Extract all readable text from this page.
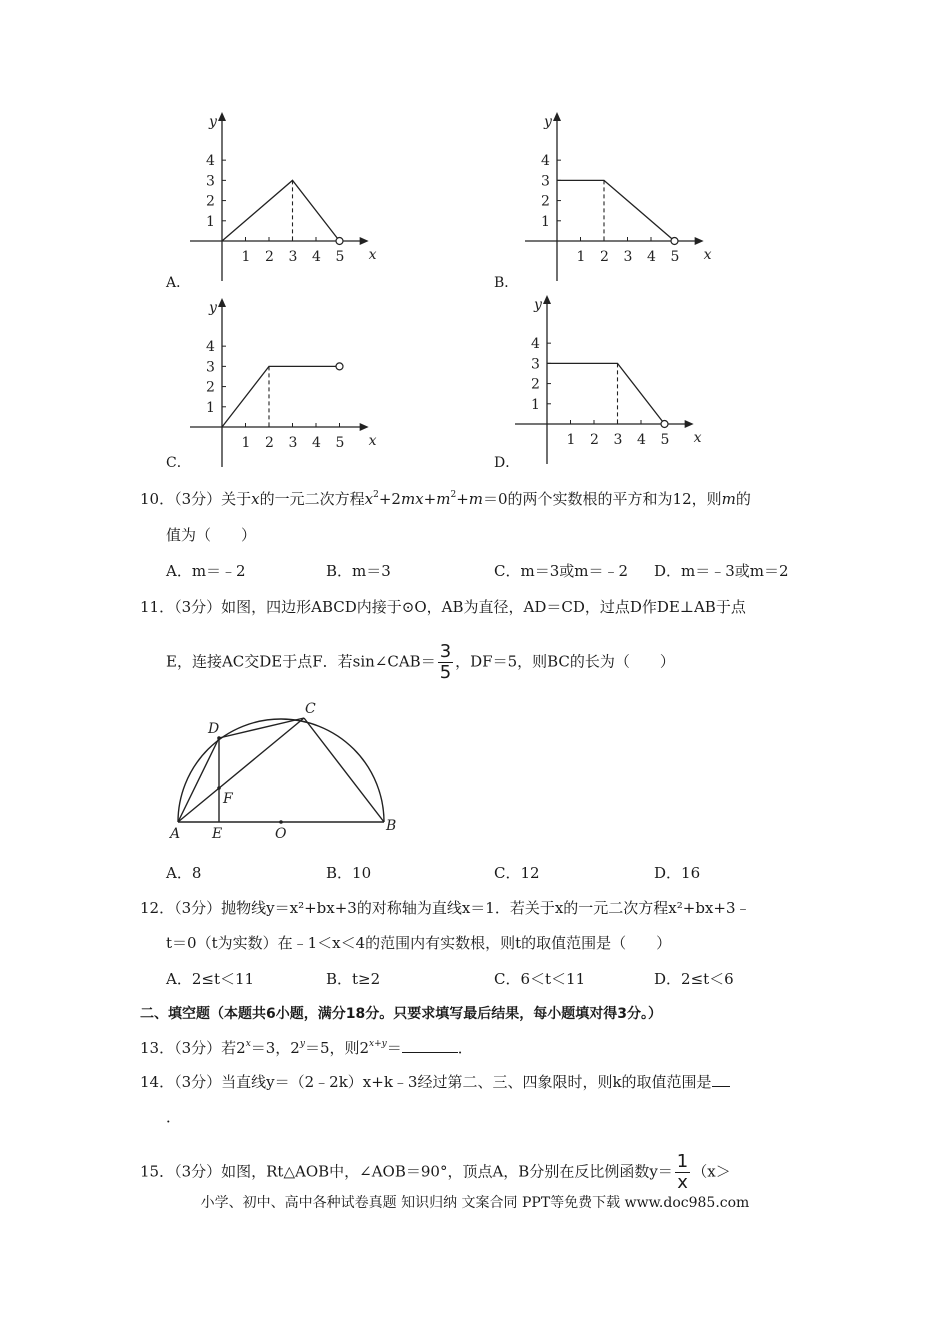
y
x
1
2
3
4
1 2 3 4 5
A．
y
x
1
2
3
4
1 2 3 4 5
B．
y
x
1
2
3
4
1 2 3 4 5
C．
y
x
1
2
3
4
1 2 3 4 5
D．
10．（3分）关于x的一元二次方程$x^2+2mx+m^2+m=0$的两个实数根的平方和为12，则m的
值为（　　）
A．m＝﹣2	B．m＝3	C．m＝3或m＝﹣2 D．m＝﹣3或m＝2
11．（3分）如图，四边形ABCD内接于⊙O，AB为直径，AD＝CD，过点D作DE⊥AB于点
E，连接AC交DE于点F．若sin∠CAB＝ $\frac{3}{5}$ ，DF＝5，则BC的长为（　　）
D
C
F
A E	O	B
A．8	B．10	C．12	D．16
12．（3分）抛物线y＝x²+bx+3的对称轴为直线x＝1．若关于x的一元二次方程x²+bx+3﹣
t＝0（t为实数）在﹣1＜x＜4的范围内有实数根，则t的取值范围是（　　）
A．2≤t＜11	B．t≥2	C．6＜t＜11	D．2≤t＜6
二、填空题（本题共6小题，满分18分。只要求填写最后结果，每小题填对得3分。）
13．（3分）若$2^x=3$，$2^y=5$，则$2^{x+y}=$	．
14．（3分）当直线y＝（2﹣2k）x+k﹣3经过第二、三、四象限时，则k的取值范围是
．
15．（3分）如图，Rt△AOB中，∠AOB＝90°，顶点A，B分别在反比例函数$y= \frac{1}{x} (x>$
小学、初中、高中各种试卷真题 知识归纳 文案合同 PPT等免费下载 www.doc985.com
